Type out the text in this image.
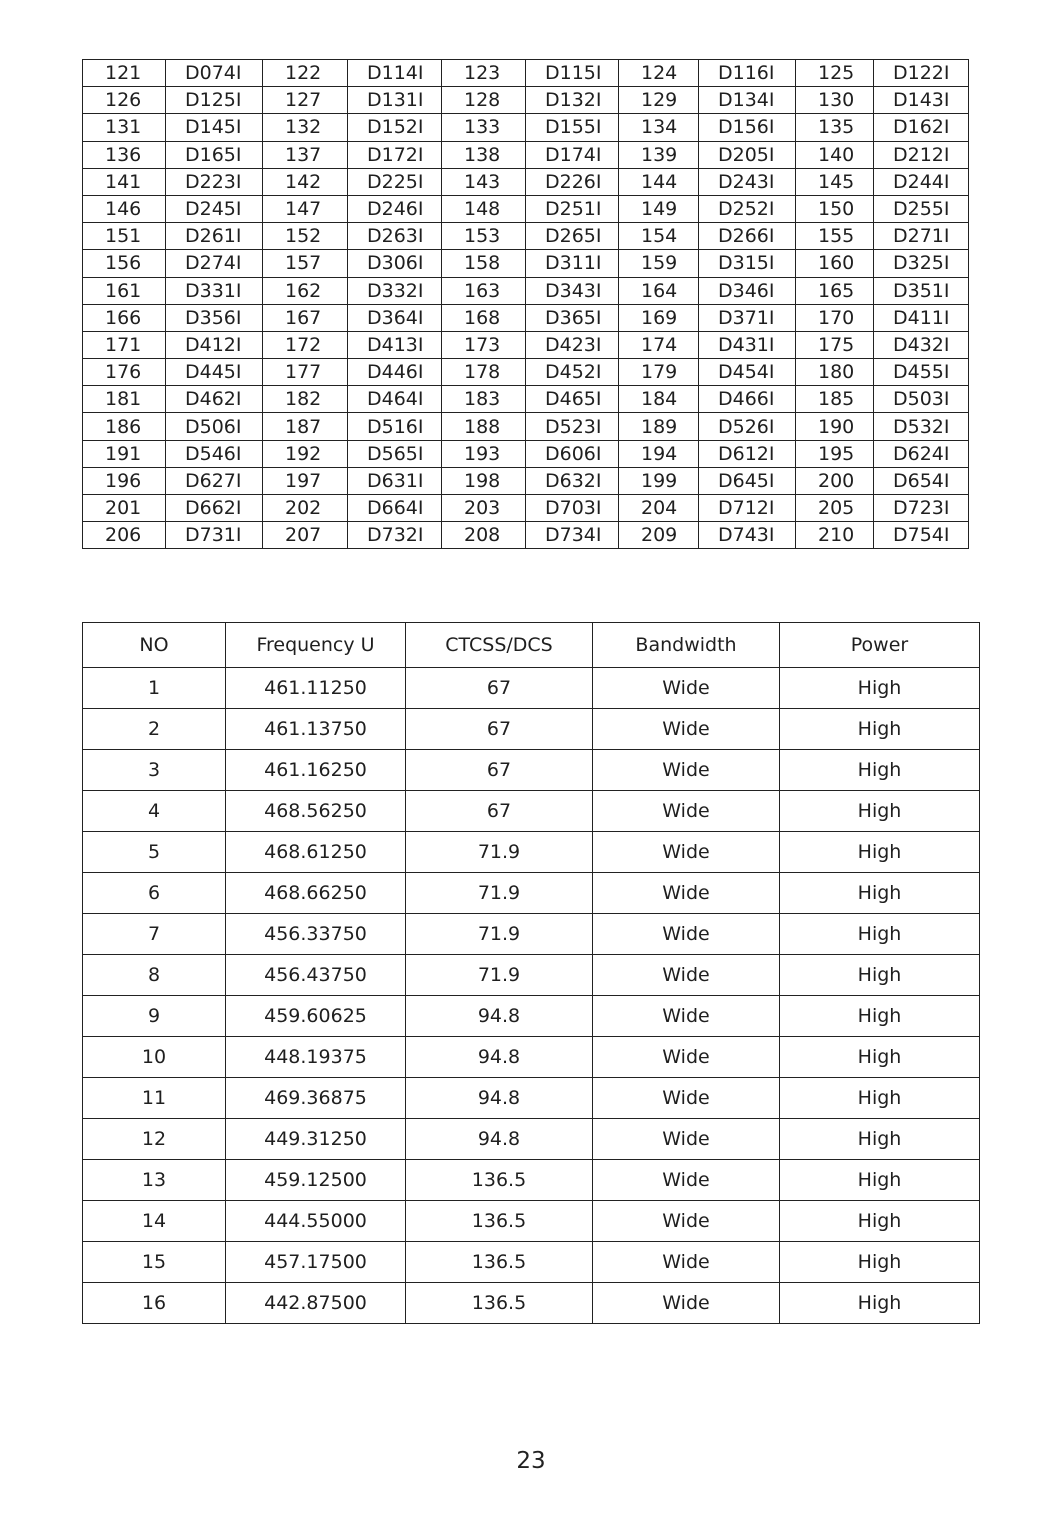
121	D074I	122	D114I	123	D115I	124	D116I	125	D122I
126	D125I	127	D131I	128	D132I	129	D134I	130	D143I
131	D145I	132	D152I	133	D155I	134	D156I	135	D162I
136	D165I	137	D172I	138	D174I	139	D205I	140	D212I
141	D223I	142	D225I	143	D226I	144	D243I	145	D244I
146	D245I	147	D246I	148	D251I	149	D252I	150	D255I
151	D261I	152	D263I	153	D265I	154	D266I	155	D271I
156	D274I	157	D306I	158	D311I	159	D315I	160	D325I
161	D331I	162	D332I	163	D343I	164	D346I	165	D351I
166	D356I	167	D364I	168	D365I	169	D371I	170	D411I
171	D412I	172	D413I	173	D423I	174	D431I	175	D432I
176	D445I	177	D446I	178	D452I	179	D454I	180	D455I
181	D462I	182	D464I	183	D465I	184	D466I	185	D503I
186	D506I	187	D516I	188	D523I	189	D526I	190	D532I
191	D546I	192	D565I	193	D606I	194	D612I	195	D624I
196	D627I	197	D631I	198	D632I	199	D645I	200	D654I
201	D662I	202	D664I	203	D703I	204	D712I	205	D723I
206	D731I	207	D732I	208	D734I	209	D743I	210	D754I
NO	Frequency U	CTCSS/DCS	Bandwidth	Power
1	461.11250	67	Wide	High
2	461.13750	67	Wide	High
3	461.16250	67	Wide	High
4	468.56250	67	Wide	High
5	468.61250	71.9	Wide	High
6	468.66250	71.9	Wide	High
7	456.33750	71.9	Wide	High
8	456.43750	71.9	Wide	High
9	459.60625	94.8	Wide	High
10	448.19375	94.8	Wide	High
11	469.36875	94.8	Wide	High
12	449.31250	94.8	Wide	High
13	459.12500	136.5	Wide	High
14	444.55000	136.5	Wide	High
15	457.17500	136.5	Wide	High
16	442.87500	136.5	Wide	High
23
